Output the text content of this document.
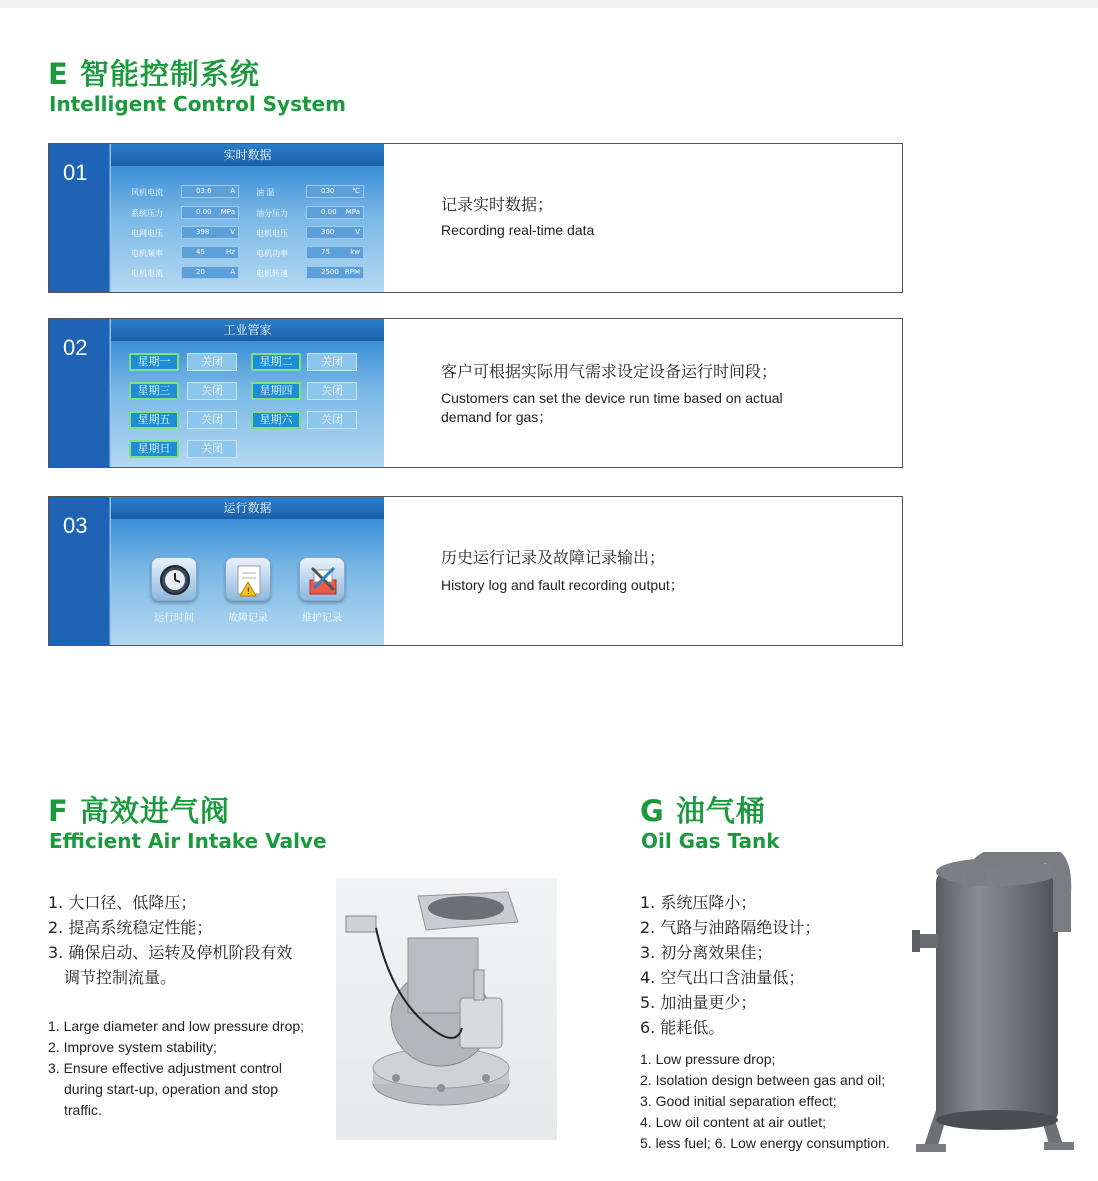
E 智能控制系统
Intelligent Control System
01
实时数据
风机电流	03.6	A	油 温	030	℃
系统压力	0.00 MPa	油分压力	0.00 MPa
电网电压	398	V	电机电压	360	V
电机频率	45	Hz	电机功率	75	kw
电机电流	20	A	电机转速	2500 RPM
记录实时数据；
Recording real-time data
02
工业管家
星期一	关闭	星期二	关闭
星期三	关闭	星期四	关闭
星期五	关闭	星期六	关闭
星期日	关闭
客户可根据实际用气需求设定设备运行时间段；
Customers can set the device run time based on actual demand for gas；
03
运行数据
运行时间
!
故障记录	维护记录
历史运行记录及故障记录输出；
History log and fault recording output；
F 高效进气阀
Efficient Air Intake Valve
1. 大口径、低降压；
2. 提高系统稳定性能；
3. 确保启动、运转及停机阶段有效
调节控制流量。
1. Large diameter and low pressure drop;
2. Improve system stability;
3. Ensure effective adjustment control
during start-up, operation and stop
traffic.
G 油气桶
Oil Gas Tank
1. 系统压降小；
2. 气路与油路隔绝设计；
3. 初分离效果佳；
4. 空气出口含油量低；
5. 加油量更少；
6. 能耗低。
1. Low pressure drop;
2. Isolation design between gas and oil;
3. Good initial separation effect;
4. Low oil content at air outlet;
5. less fuel; 6. Low energy consumption.
